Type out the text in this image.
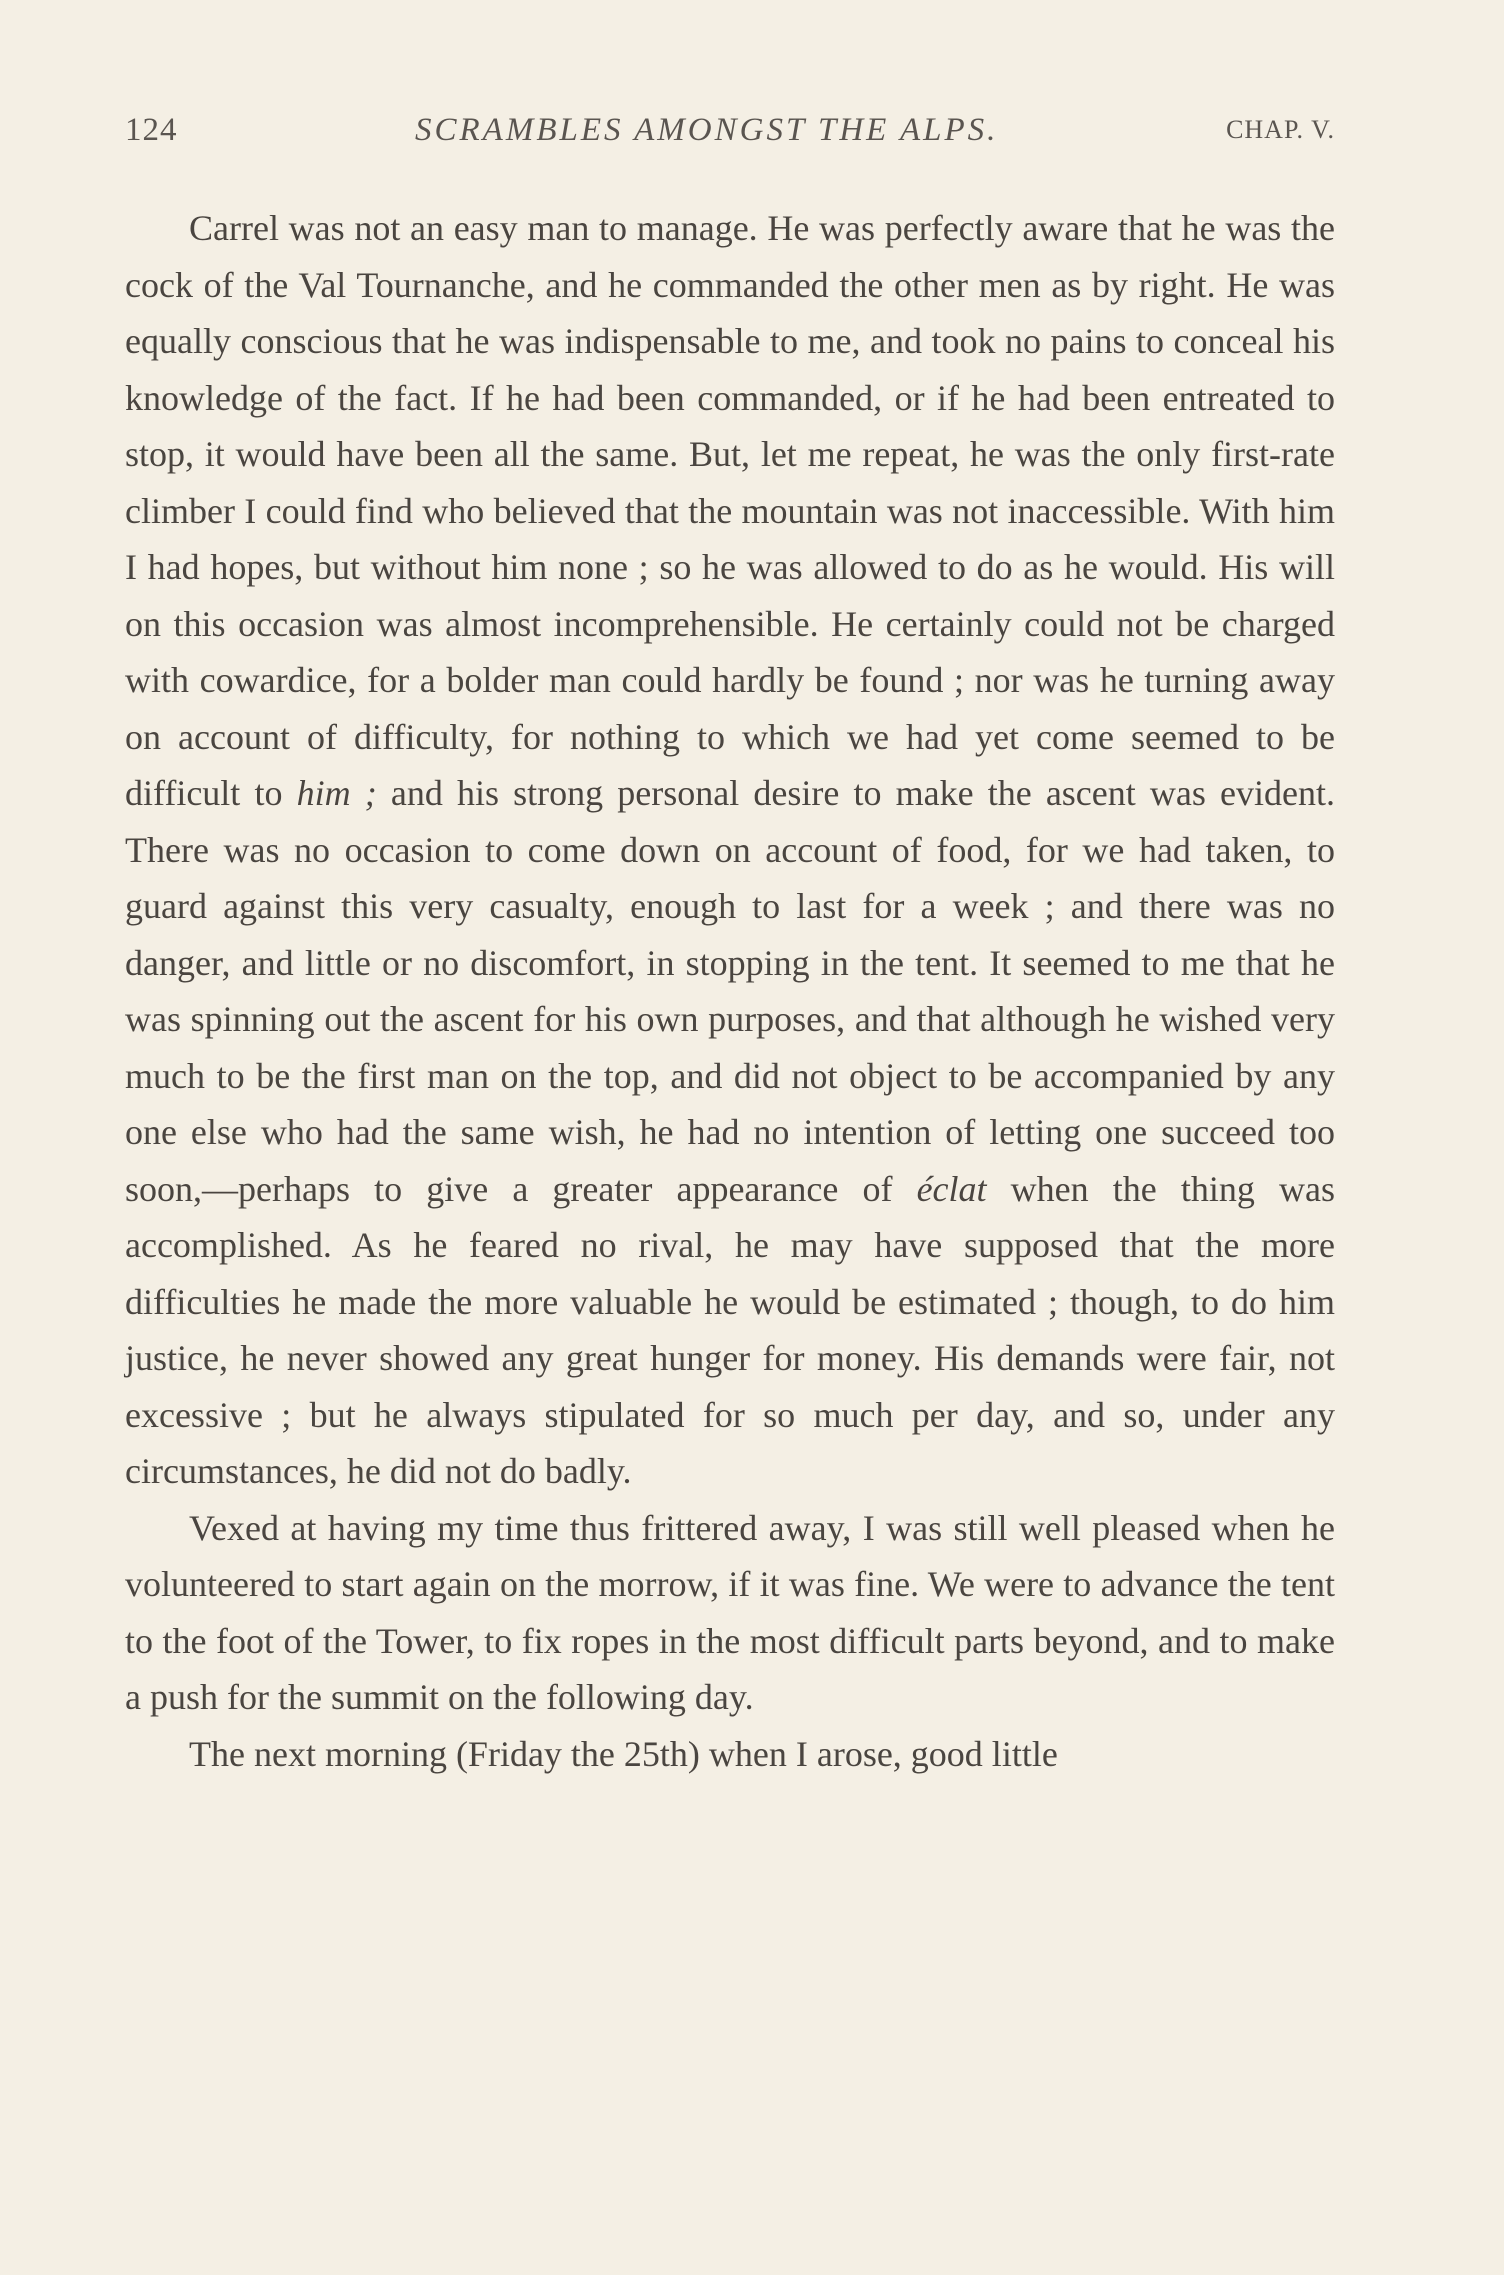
124	SCRAMBLES AMONGST THE ALPS.	CHAP. V.

Carrel was not an easy man to manage. He was perfectly aware that he was the cock of the Val Tournanche, and he commanded the other men as by right. He was equally conscious that he was indispensable to me, and took no pains to conceal his knowledge of the fact. If he had been commanded, or if he had been entreated to stop, it would have been all the same. But, let me repeat, he was the only first-rate climber I could find who believed that the mountain was not inaccessible. With him I had hopes, but without him none ; so he was allowed to do as he would. His will on this occasion was almost incomprehensible. He certainly could not be charged with cowardice, for a bolder man could hardly be found ; nor was he turning away on account of difficulty, for nothing to which we had yet come seemed to be difficult to him ; and his strong personal desire to make the ascent was evident. There was no occasion to come down on account of food, for we had taken, to guard against this very casualty, enough to last for a week ; and there was no danger, and little or no discomfort, in stopping in the tent. It seemed to me that he was spinning out the ascent for his own purposes, and that although he wished very much to be the first man on the top, and did not object to be accompanied by any one else who had the same wish, he had no intention of letting one succeed too soon,—perhaps to give a greater appearance of éclat when the thing was accomplished. As he feared no rival, he may have supposed that the more difficulties he made the more valuable he would be estimated ; though, to do him justice, he never showed any great hunger for money. His demands were fair, not excessive ; but he always stipulated for so much per day, and so, under any circumstances, he did not do badly.

Vexed at having my time thus frittered away, I was still well pleased when he volunteered to start again on the morrow, if it was fine. We were to advance the tent to the foot of the Tower, to fix ropes in the most difficult parts beyond, and to make a push for the summit on the following day.

The next morning (Friday the 25th) when I arose, good little
